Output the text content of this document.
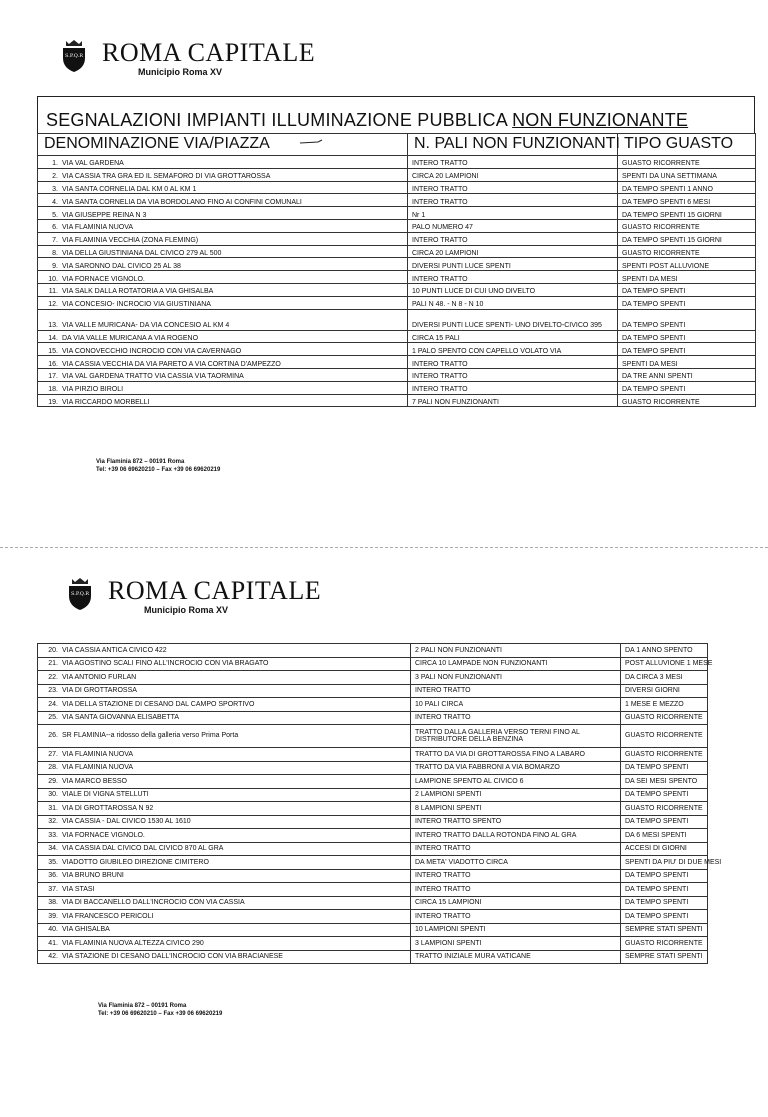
S.P.Q.R ROMA CAPITALE
Municipio Roma XV
SEGNALAZIONI IMPIANTI ILLUMINAZIONE PUBBLICA NON FUNZIONANTE
DENOMINAZIONE VIA/PIAZZA	N. PALI NON FUNZIONANTI	TIPO GUASTO
1. VIA VAL GARDENA	INTERO TRATTO	GUASTO RICORRENTE
2. VIA CASSIA TRA GRA ED IL SEMAFORO DI VIA GROTTAROSSA	CIRCA 20 LAMPIONI	SPENTI DA UNA SETTIMANA
3. VIA SANTA CORNELIA DAL KM 0 AL KM 1	INTERO TRATTO	DA TEMPO SPENTI 1 ANNO
4. VIA SANTA CORNELIA DA VIA BORDOLANO FINO AI CONFINI COMUNALI	INTERO TRATTO	DA TEMPO SPENTI 6 MESI
5. VIA GIUSEPPE REINA N 3	Nr 1	DA TEMPO SPENTI 15 GIORNI
6. VIA FLAMINIA NUOVA	PALO NUMERO 47	GUASTO RICORRENTE
7. VIA FLAMINIA VECCHIA (ZONA FLEMING)	INTERO TRATTO	DA TEMPO SPENTI 15 GIORNI
8. VIA DELLA GIUSTINIANA DAL CIVICO 279 AL 500	CIRCA 20 LAMPIONI	GUASTO RICORRENTE
9. VIA SARONNO DAL CIVICO 25 AL 38	DIVERSI PUNTI LUCE SPENTI	SPENTI POST ALLUVIONE
10. VIA FORNACE VIGNOLO.	INTERO TRATTO	SPENTI DA MESI
11. VIA SALK DALLA ROTATORIA A VIA GHISALBA	10 PUNTI LUCE DI CUI UNO DIVELTO	DA TEMPO SPENTI
12. VIA CONCESIO- INCROCIO VIA GIUSTINIANA	PALI N 48. - N 8 - N 10	DA TEMPO SPENTI
13. VIA VALLE MURICANA- DA VIA CONCESIO AL KM 4	DIVERSI PUNTI LUCE SPENTI- UNO DIVELTO-CIVICO 395	DA TEMPO SPENTI
14. DA VIA VALLE MURICANA A VIA ROGENO	CIRCA 15 PALI	DA TEMPO SPENTI
15. VIA CONOVECCHIO INCROCIO CON VIA CAVERNAGO	1 PALO SPENTO CON CAPELLO VOLATO VIA	DA TEMPO SPENTI
16. VIA CASSIA VECCHIA DA VIA PARETO A VIA CORTINA D'AMPEZZO	INTERO TRATTO	SPENTI DA MESI
17. VIA VAL GARDENA TRATTO VIA CASSIA VIA TAORMINA	INTERO TRATTO	DA TRE ANNI SPENTI
18. VIA PIRZIO BIROLI	INTERO TRATTO	DA TEMPO SPENTI
19. VIA RICCARDO MORBELLI	7 PALI NON FUNZIONANTI	GUASTO RICORRENTE
Via Flaminia 872 – 00191 Roma
Tel: +39 06 69620210 – Fax +39 06 69620219
S.P.Q.R ROMA CAPITALE
Municipio Roma XV
20. VIA CASSIA ANTICA CIVICO 422	2 PALI NON FUNZIONANTI	DA 1 ANNO SPENTO
21. VIA AGOSTINO SCALI FINO ALL'INCROCIO CON VIA BRAGATO	CIRCA 10 LAMPADE NON FUNZIONANTI	POST ALLUVIONE 1 MESE
22. VIA ANTONIO FURLAN	3 PALI NON FUNZIONANTI	DA CIRCA 3 MESI
23. VIA DI GROTTAROSSA	INTERO TRATTO	DIVERSI GIORNI
24. VIA DELLA STAZIONE DI CESANO DAL CAMPO SPORTIVO	10 PALI CIRCA	1 MESE E MEZZO
25. VIA SANTA GIOVANNA ELISABETTA	INTERO TRATTO	GUASTO RICORRENTE
26. SR FLAMINIA--a ridosso della galleria verso Prima Porta	TRATTO DALLA GALLERIA VERSO TERNI FINO AL DISTRIBUTORE DELLA BENZINA	GUASTO RICORRENTE
27. VIA FLAMINIA NUOVA	TRATTO DA VIA DI GROTTAROSSA FINO A LABARO	GUASTO RICORRENTE
28. VIA FLAMINIA NUOVA	TRATTO DA VIA FABBRONI A VIA BOMARZO	DA TEMPO SPENTI
29. VIA MARCO BESSO	LAMPIONE SPENTO AL CIVICO 6	DA SEI MESI SPENTO
30. VIALE DI VIGNA STELLUTI	2 LAMPIONI SPENTI	DA TEMPO SPENTI
31. VIA DI GROTTAROSSA N 92	8 LAMPIONI SPENTI	GUASTO RICORRENTE
32. VIA CASSIA - DAL CIVICO 1530 AL 1610	INTERO TRATTO SPENTO	DA TEMPO SPENTI
33. VIA FORNACE VIGNOLO.	INTERO TRATTO DALLA ROTONDA FINO AL GRA	DA 6 MESI SPENTI
34. VIA CASSIA DAL CIVICO DAL CIVICO 870 AL GRA	INTERO TRATTO	ACCESI DI GIORNI
35. VIADOTTO GIUBILEO DIREZIONE CIMITERO	DA META' VIADOTTO CIRCA	SPENTI DA PIU' DI DUE MESI
36. VIA BRUNO BRUNI	INTERO TRATTO	DA TEMPO SPENTI
37. VIA STASI	INTERO TRATTO	DA TEMPO SPENTI
38. VIA DI BACCANELLO DALL'INCROCIO CON VIA CASSIA	CIRCA 15 LAMPIONI	DA TEMPO SPENTI
39. VIA FRANCESCO PERICOLI	INTERO TRATTO	DA TEMPO SPENTI
40. VIA GHISALBA	10 LAMPIONI SPENTI	SEMPRE STATI SPENTI
41. VIA FLAMINIA NUOVA ALTEZZA CIVICO 290	3 LAMPIONI SPENTI	GUASTO RICORRENTE
42. VIA STAZIONE DI CESANO DALL'INCROCIO CON VIA BRACIANESE	TRATTO INIZIALE MURA VATICANE	SEMPRE STATI SPENTI
Via Flaminia 872 – 00191 Roma
Tel: +39 06 69620210 – Fax +39 06 69620219
